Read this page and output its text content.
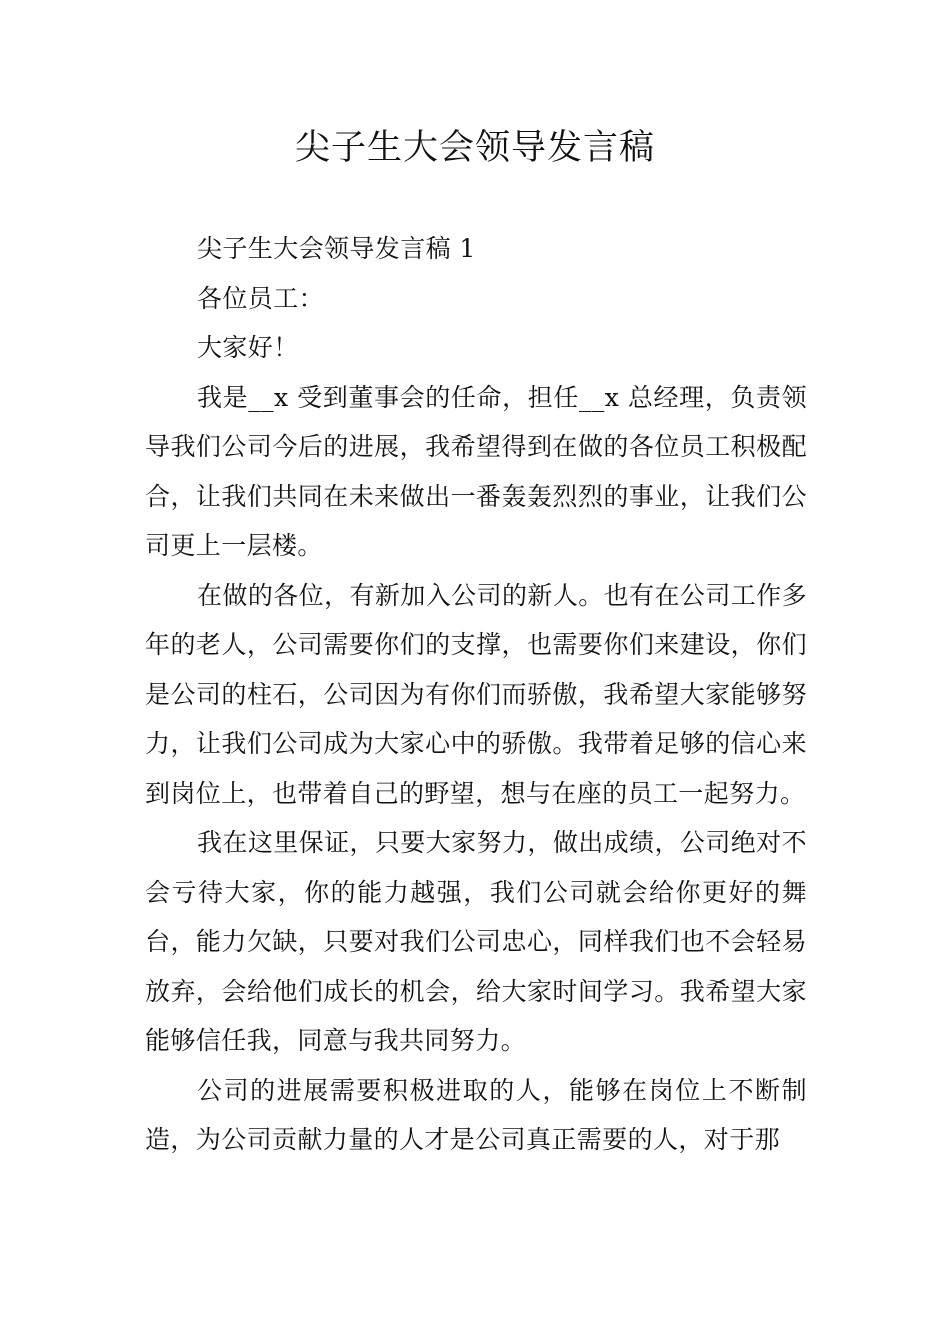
尖子生大会领导发言稿

尖子生大会领导发言稿 1

各位员工：

大家好！

我是__x 受到董事会的任命，担任__x 总经理，负责领导我们公司今后的进展，我希望得到在做的各位员工积极配合，让我们共同在未来做出一番轰轰烈烈的事业，让我们公司更上一层楼。

在做的各位，有新加入公司的新人。也有在公司工作多年的老人，公司需要你们的支撑，也需要你们来建设，你们是公司的柱石，公司因为有你们而骄傲，我希望大家能够努力，让我们公司成为大家心中的骄傲。我带着足够的信心来到岗位上，也带着自己的野望，想与在座的员工一起努力。

我在这里保证，只要大家努力，做出成绩，公司绝对不会亏待大家，你的能力越强，我们公司就会给你更好的舞台，能力欠缺，只要对我们公司忠心，同样我们也不会轻易放弃，会给他们成长的机会，给大家时间学习。我希望大家能够信任我，同意与我共同努力。

公司的进展需要积极进取的人，能够在岗位上不断制造，为公司贡献力量的人才是公司真正需要的人，对于那
